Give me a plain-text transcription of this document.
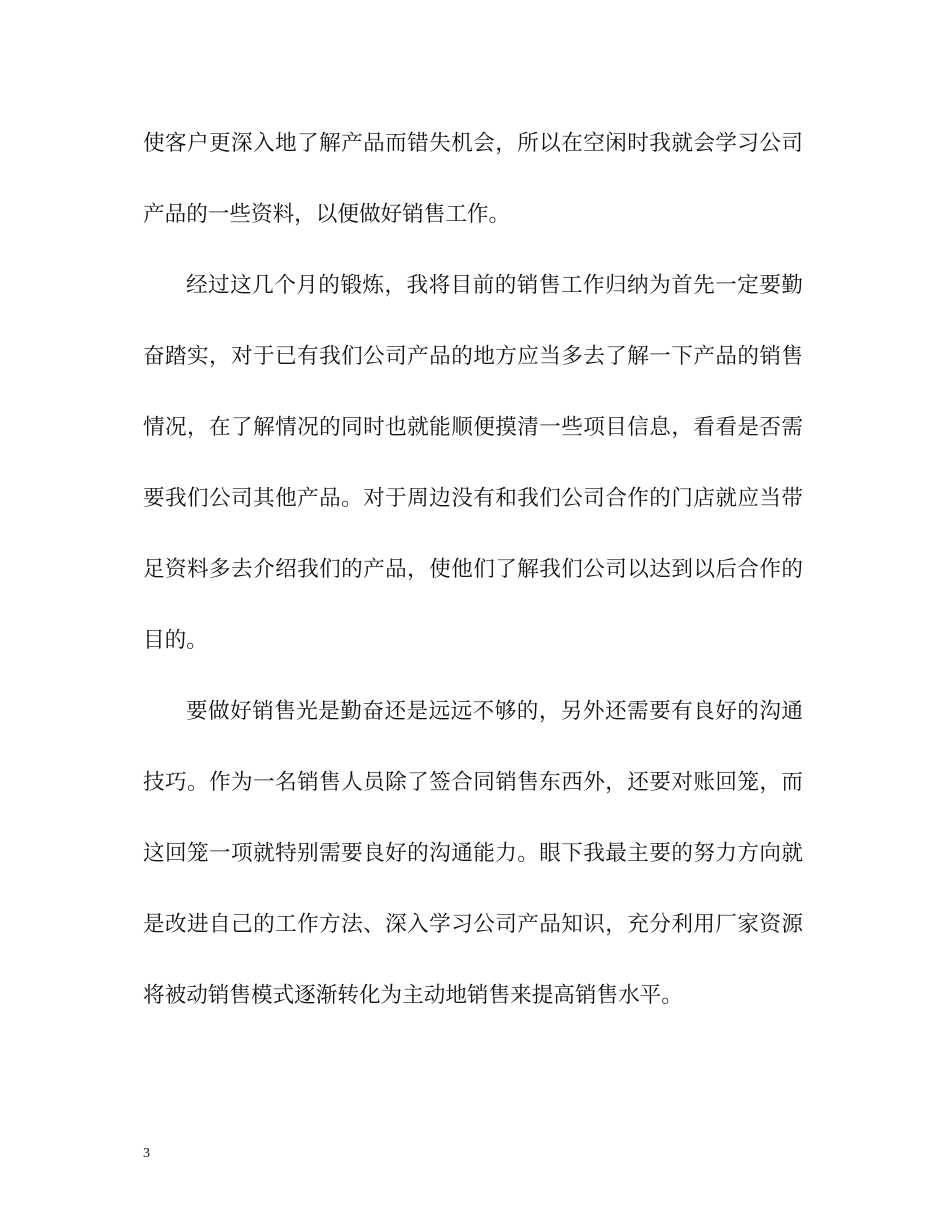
使客户更深入地了解产品而错失机会，所以在空闲时我就会学习公司
产品的一些资料，以便做好销售工作。
经过这几个月的锻炼，我将目前的销售工作归纳为首先一定要勤
奋踏实，对于已有我们公司产品的地方应当多去了解一下产品的销售
情况，在了解情况的同时也就能顺便摸清一些项目信息，看看是否需
要我们公司其他产品。对于周边没有和我们公司合作的门店就应当带
足资料多去介绍我们的产品，使他们了解我们公司以达到以后合作的
目的。
要做好销售光是勤奋还是远远不够的，另外还需要有良好的沟通
技巧。作为一名销售人员除了签合同销售东西外，还要对账回笼，而
这回笼一项就特别需要良好的沟通能力。眼下我最主要的努力方向就
是改进自己的工作方法、深入学习公司产品知识，充分利用厂家资源
将被动销售模式逐渐转化为主动地销售来提高销售水平。
3
